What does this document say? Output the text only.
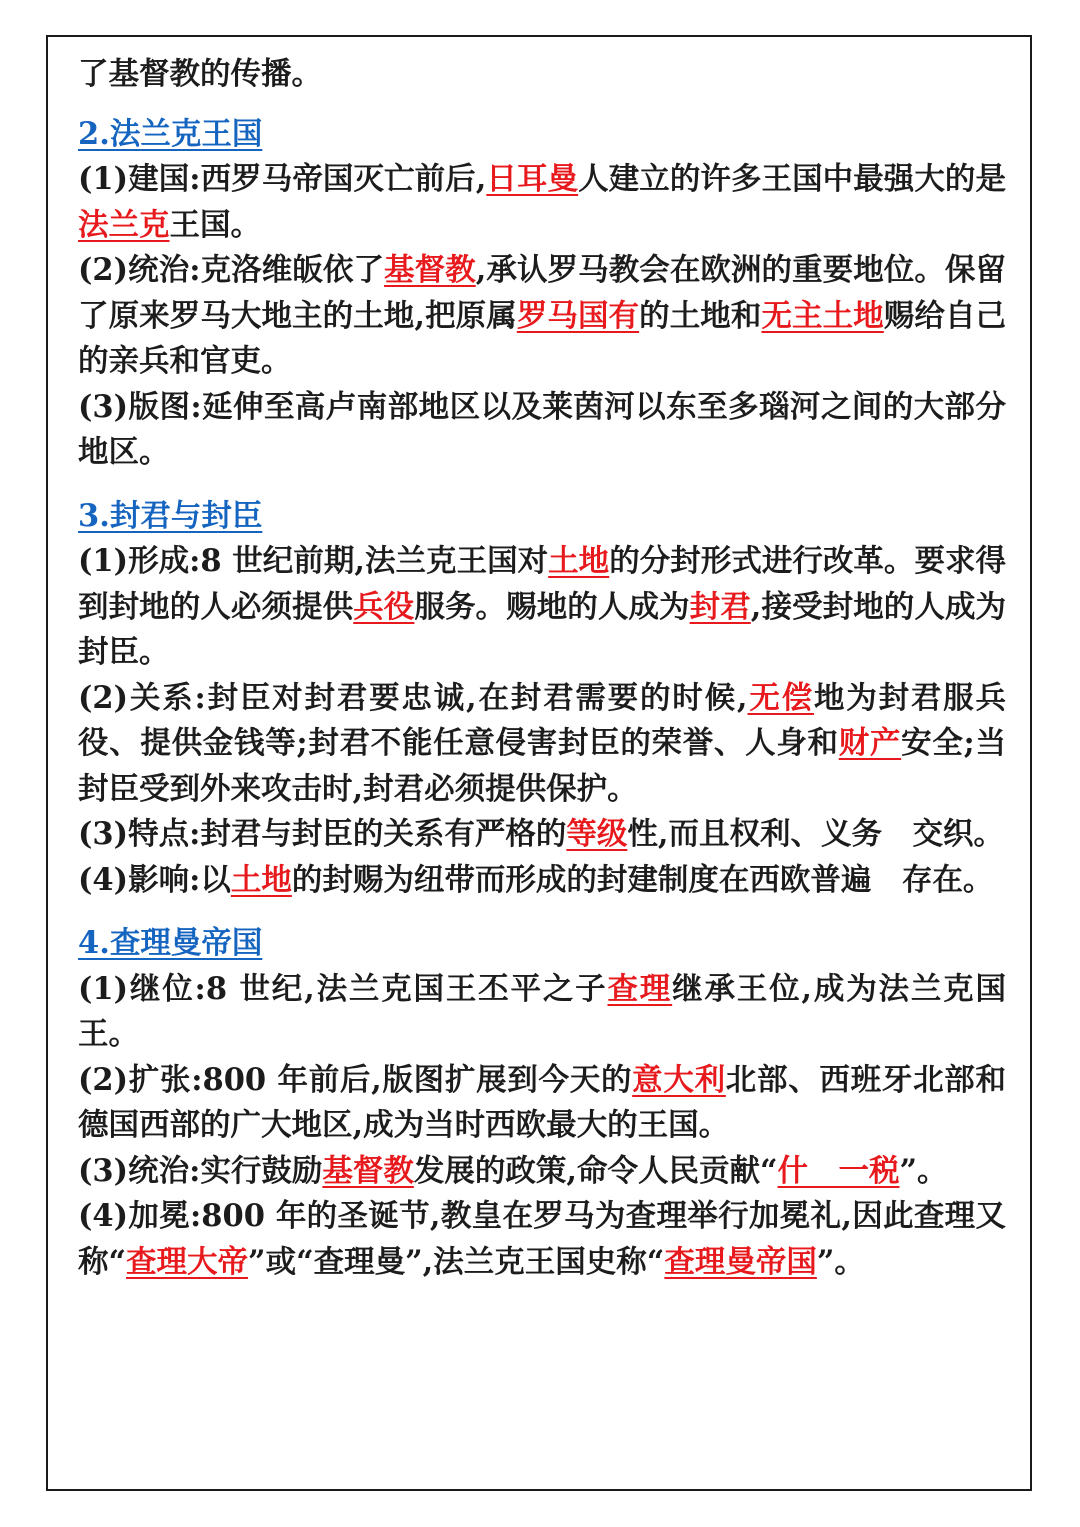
了基督教的传播。
2.法兰克王国
(1)建国:西罗马帝国灭亡前后,日耳曼人建立的许多王国中最强大的是法兰克王国。
(2)统治:克洛维皈依了基督教,承认罗马教会在欧洲的重要地位。保留了原来罗马大地主的土地,把原属罗马国有的土地和无主土地赐给自己的亲兵和官吏。
(3)版图:延伸至高卢南部地区以及莱茵河以东至多瑙河之间的大部分地区。
3.封君与封臣
(1)形成:8 世纪前期,法兰克王国对土地的分封形式进行改革。要求得到封地的人必须提供兵役服务。赐地的人成为封君,接受封地的人成为封臣。
(2)关系:封臣对封君要忠诚,在封君需要的时候,无偿地为封君服兵役、提供金钱等;封君不能任意侵害封臣的荣誉、人身和财产安全;当封臣受到外来攻击时,封君必须提供保护。
(3)特点:封君与封臣的关系有严格的等级性,而且权利、义务　交织。
(4)影响:以土地的封赐为纽带而形成的封建制度在西欧普遍　存在。
4.查理曼帝国
(1)继位:8 世纪,法兰克国王丕平之子查理继承王位,成为法兰克国王。
(2)扩张:800 年前后,版图扩展到今天的意大利北部、西班牙北部和德国西部的广大地区,成为当时西欧最大的王国。
(3)统治:实行鼓励基督教发展的政策,命令人民贡献“什　一税”。
(4)加冕:800 年的圣诞节,教皇在罗马为查理举行加冕礼,因此查理又称“查理大帝”或“查理曼”,法兰克王国史称“查理曼帝国”。
